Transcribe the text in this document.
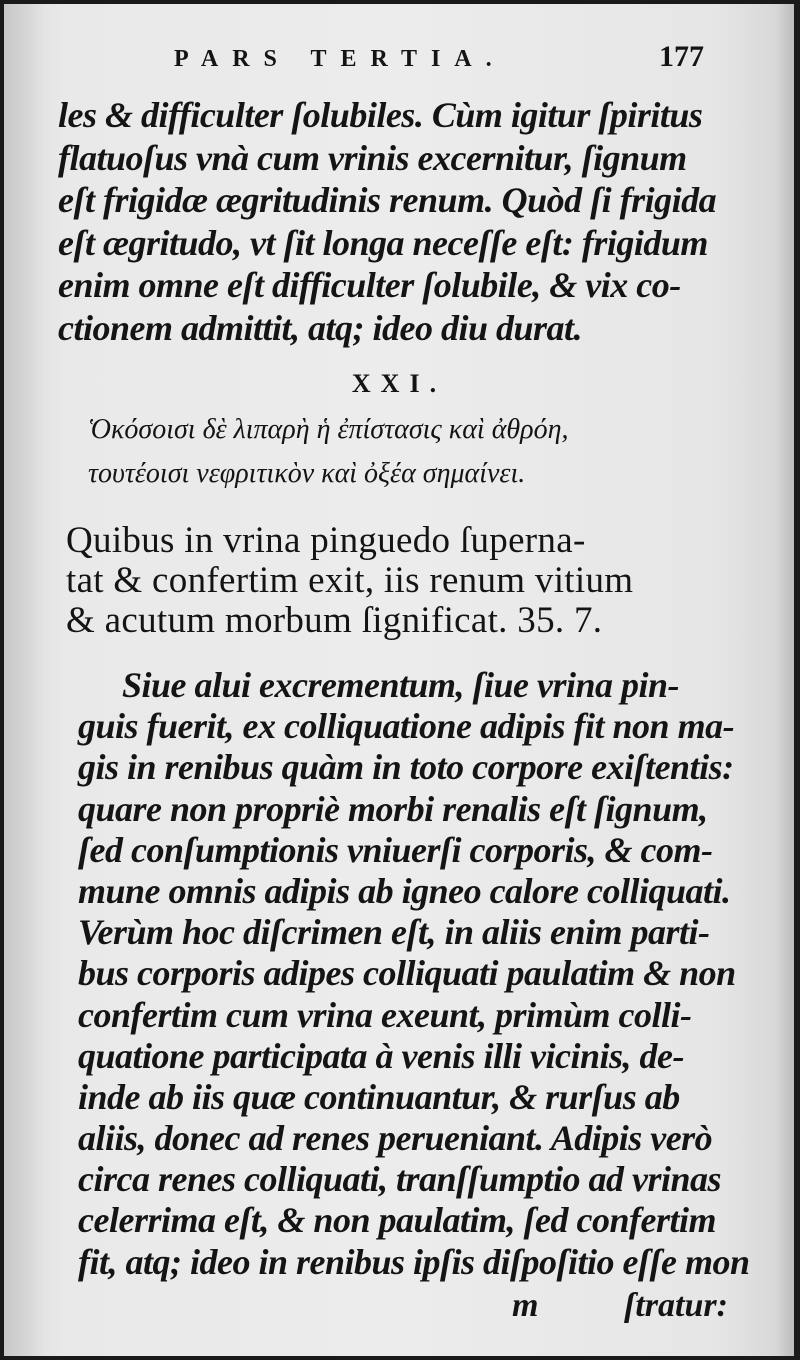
PARS TERTIA.	177
les & difficulter ſolubiles. Cùm igitur ſpiritus
flatuoſus vnà cum vrinis excernitur, ſignum
eſt frigidæ ægritudinis renum. Quòd ſi frigida
eſt ægritudo, vt ſit longa neceſſe eſt: frigidum
enim omne eſt difficulter ſolubile, & vix co-
ctionem admittit, atq; ideo diu durat.
XXI.
Ὁκόσοισι δὲ λιπαρὴ ἡ ἐπίστασις καὶ ἀθρόη,
τουτέοισι νεφριτικὸν καὶ ὀξέα σημαίνει.
Quibus in vrina pinguedo ſuperna-
tat & confertim exit, iis renum vitium
& acutum morbum ſignificat. 35. 7.
Siue alui excrementum, ſiue vrina pin-
guis fuerit, ex colliquatione adipis fit non ma-
gis in renibus quàm in toto corpore exiſtentis:
quare non propriè morbi renalis eſt ſignum,
ſed conſumptionis vniuerſi corporis, & com-
mune omnis adipis ab igneo calore colliquati.
Verùm hoc diſcrimen eſt, in aliis enim parti-
bus corporis adipes colliquati paulatim & non
confertim cum vrina exeunt, primùm colli-
quatione participata à venis illi vicinis, de-
inde ab iis quæ continuantur, & rurſus ab
aliis, donec ad renes perueniant. Adipis verò
circa renes colliquati, tranſſumptio ad vrinas
celerrima eſt, & non paulatim, ſed confertim
fit, atq; ideo in renibus ipſis diſpoſitio eſſe mon
m	ſtratur:
